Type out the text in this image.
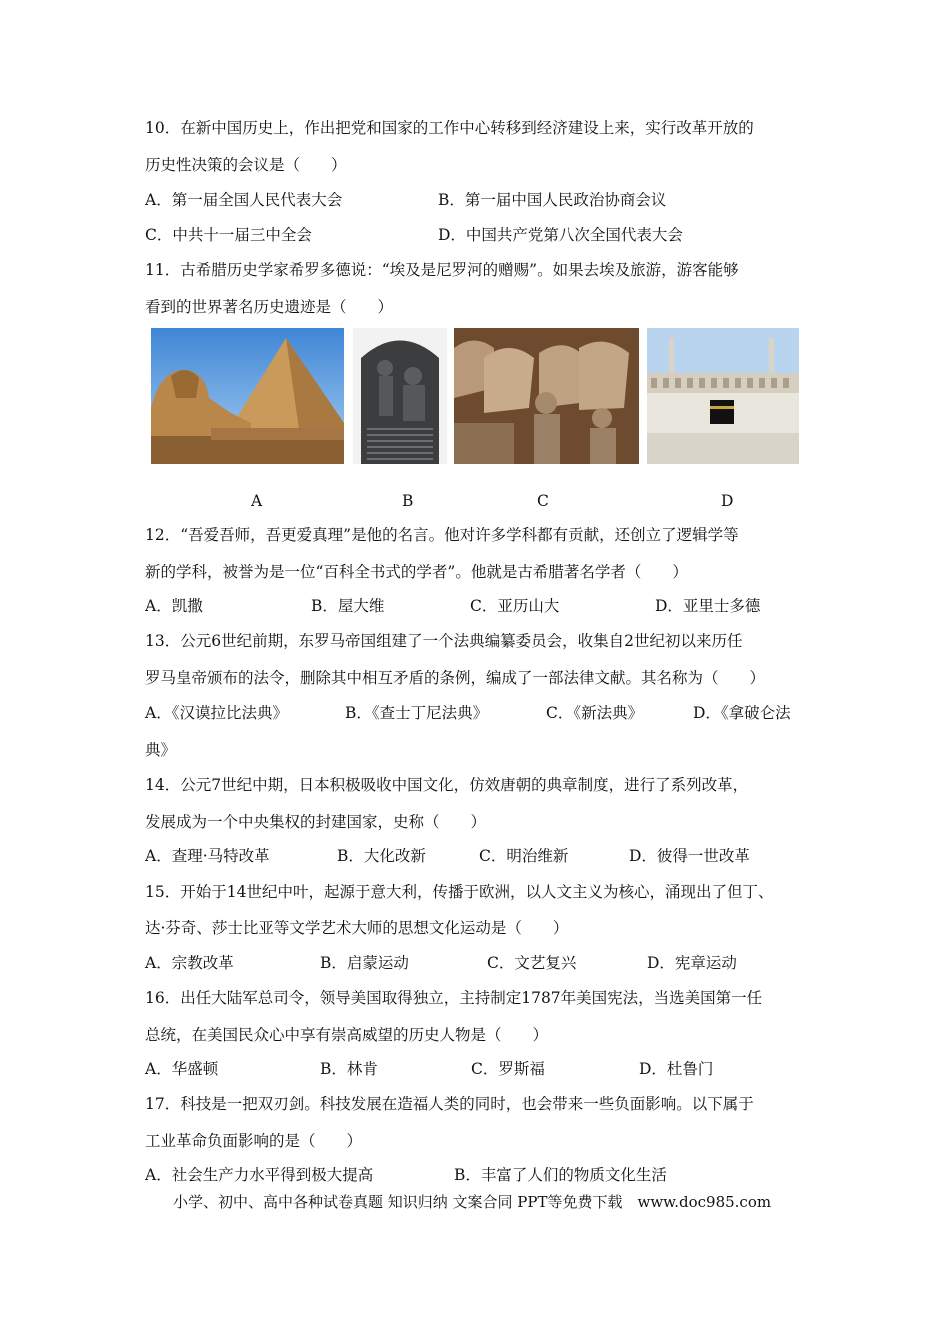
10．在新中国历史上，作出把党和国家的工作中心转移到经济建设上来，实行改革开放的
历史性决策的会议是（　　）
A．第一届全国人民代表大会	B．第一届中国人民政治协商会议
C．中共十一届三中全会	D．中国共产党第八次全国代表大会
11．古希腊历史学家希罗多德说：“埃及是尼罗河的赠赐”。如果去埃及旅游，游客能够
看到的世界著名历史遗迹是（　　）
A	B	C	D
12．“吾爱吾师，吾更爱真理”是他的名言。他对许多学科都有贡献，还创立了逻辑学等
新的学科，被誉为是一位“百科全书式的学者”。他就是古希腊著名学者（　　）
A．凯撒	B．屋大维	C．亚历山大	D．亚里士多德
13．公元6世纪前期，东罗马帝国组建了一个法典编纂委员会，收集自2世纪初以来历任
罗马皇帝颁布的法令，删除其中相互矛盾的条例，编成了一部法律文献。其名称为（　　）
A．《汉谟拉比法典》	B．《查士丁尼法典》	C．《新法典》	D．《拿破仑法
典》
14．公元7世纪中期，日本积极吸收中国文化，仿效唐朝的典章制度，进行了系列改革，
发展成为一个中央集权的封建国家，史称（　　）
A．查理·马特改革	B．大化改新	C．明治维新	D．彼得一世改革
15．开始于14世纪中叶，起源于意大利，传播于欧洲，以人文主义为核心，涌现出了但丁、
达·芬奇、莎士比亚等文学艺术大师的思想文化运动是（　　）
A．宗教改革	B．启蒙运动	C．文艺复兴	D．宪章运动
16．出任大陆军总司令，领导美国取得独立，主持制定1787年美国宪法，当选美国第一任
总统，在美国民众心中享有崇高威望的历史人物是（　　）
A．华盛顿	B．林肯	C．罗斯福	D．杜鲁门
17．科技是一把双刃剑。科技发展在造福人类的同时，也会带来一些负面影响。以下属于
工业革命负面影响的是（　　）
A．社会生产力水平得到极大提高	B．丰富了人们的物质文化生活
小学、初中、高中各种试卷真题 知识归纳 文案合同 PPT等免费下载　www.doc985.com
